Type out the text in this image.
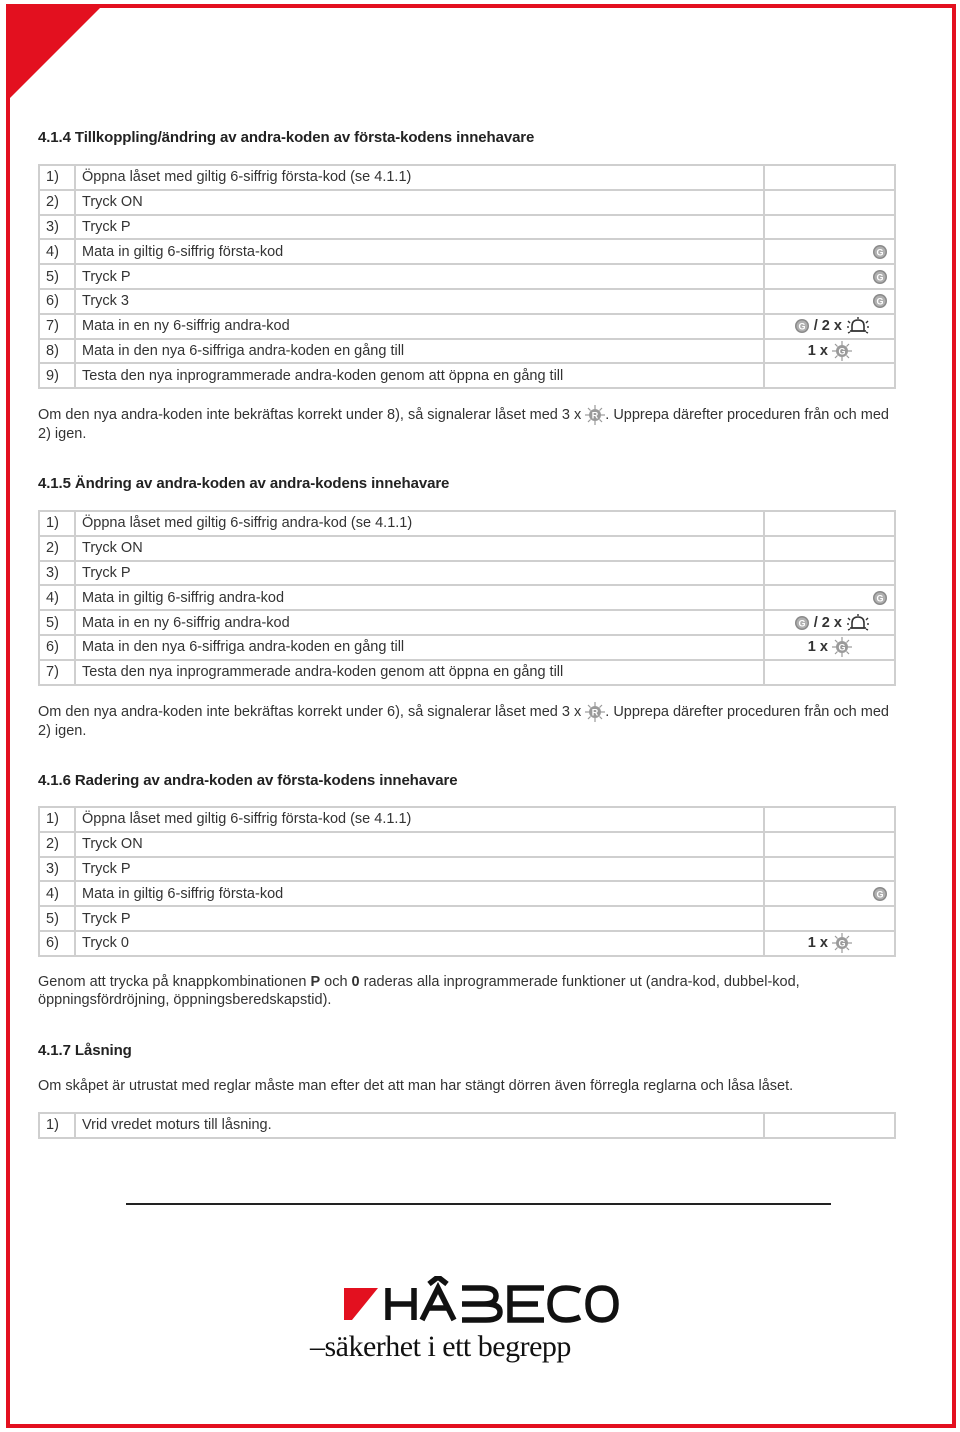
4.1.4 Tillkoppling/ändring av andra-koden av första-kodens innehavare
1)	Öppna låset med giltig 6-siffrig första-kod (se 4.1.1)	
2)	Tryck ON	
3)	Tryck P	
4)	Mata in giltig 6-siffrig första-kod	G

5)	Tryck P	G

6)	Tryck 3	G

7)	Mata in en ny 6-siffrig andra-kod	G / 2 x

8)	Mata in den nya 6-siffriga andra-koden en gång till	1 x G

9)	Testa den nya inprogrammerade andra-koden genom att öppna en gång till	

Om den nya andra-koden inte bekräftas korrekt under 8), så signalerar låset med 3 x R . Upprepa därefter proceduren från och med 2) igen.

4.1.5 Ändring av andra-koden av andra-kodens innehavare
1)	Öppna låset med giltig 6-siffrig andra-kod (se 4.1.1)	
2)	Tryck ON	
3)	Tryck P	
4)	Mata in giltig 6-siffrig andra-kod	G

5)	Mata in en ny 6-siffrig andra-kod	G / 2 x

6)	Mata in den nya 6-siffriga andra-koden en gång till	1 x G

7)	Testa den nya inprogrammerade andra-koden genom att öppna en gång till	

Om den nya andra-koden inte bekräftas korrekt under 6), så signalerar låset med 3 x R . Upprepa därefter proceduren från och med 2) igen.

4.1.6 Radering av andra-koden av första-kodens innehavare
1)	Öppna låset med giltig 6-siffrig första-kod (se 4.1.1)	
2)	Tryck ON	
3)	Tryck P	
4)	Mata in giltig 6-siffrig första-kod	G

5)	Tryck P	
6)	Tryck 0	1 x G

Genom att trycka på knappkombinationen P och 0 raderas alla inprogrammerade funktioner ut (andra-kod, dubbel-kod, öppningsfördröjning, öppningsberedskapstid).

4.1.7 Låsning

Om skåpet är utrustat med reglar måste man efter det att man har stängt dörren även förregla reglarna och låsa låset.

1)	Vrid vredet moturs till låsning.	
–säkerhet i ett begrepp
